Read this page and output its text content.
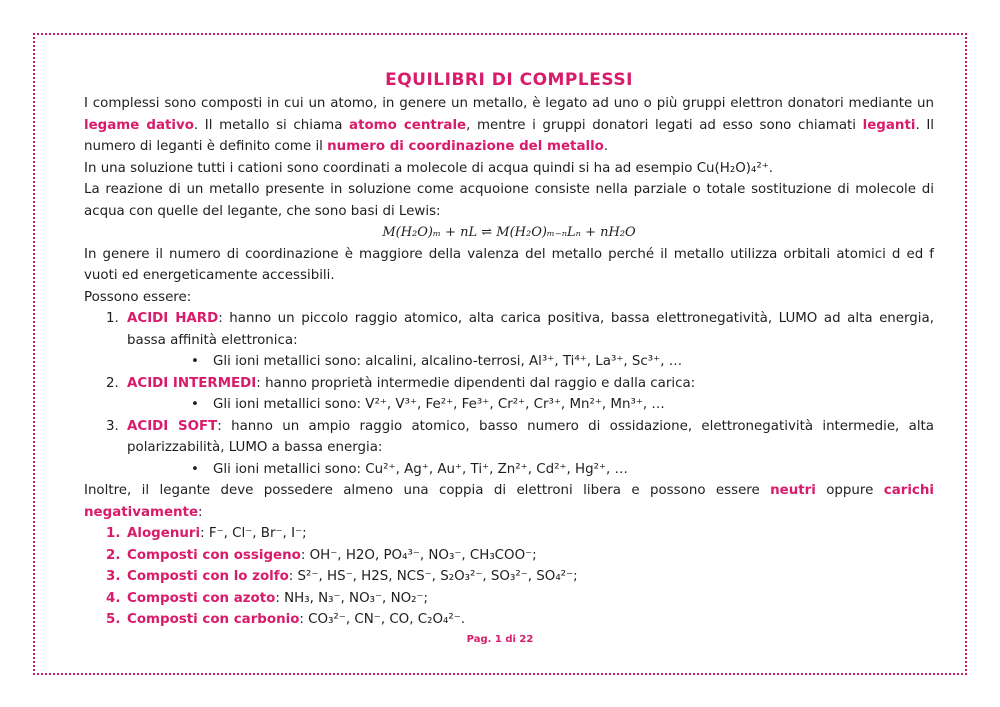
EQUILIBRI DI COMPLESSI

I complessi sono composti in cui un atomo, in genere un metallo, è legato ad uno o più gruppi elettron donatori mediante un legame dativo. Il metallo si chiama atomo centrale, mentre i gruppi donatori legati ad esso sono chiamati leganti. Il numero di leganti è definito come il numero di coordinazione del metallo.

In una soluzione tutti i cationi sono coordinati a molecole di acqua quindi si ha ad esempio Cu(H₂O)₄²⁺.

La reazione di un metallo presente in soluzione come acquoione consiste nella parziale o totale sostituzione di molecole di acqua con quelle del legante, che sono basi di Lewis:

M(H₂O)ₘ + nL ⇌ M(H₂O)ₘ₋ₙLₙ + nH₂O

In genere il numero di coordinazione è maggiore della valenza del metallo perché il metallo utilizza orbitali atomici d ed f vuoti ed energeticamente accessibili.

Possono essere:

1. ACIDI HARD: hanno un piccolo raggio atomico, alta carica positiva, bassa elettronegatività, LUMO ad alta energia, bassa affinità elettronica:
• Gli ioni metallici sono: alcalini, alcalino-terrosi, Al³⁺, Ti⁴⁺, La³⁺, Sc³⁺, …
2. ACIDI INTERMEDI: hanno proprietà intermedie dipendenti dal raggio e dalla carica:
• Gli ioni metallici sono: V²⁺, V³⁺, Fe²⁺, Fe³⁺, Cr²⁺, Cr³⁺, Mn²⁺, Mn³⁺, …
3. ACIDI SOFT: hanno un ampio raggio atomico, basso numero di ossidazione, elettronegatività intermedie, alta polarizzabilità, LUMO a bassa energia:
• Gli ioni metallici sono: Cu²⁺, Ag⁺, Au⁺, Ti⁺, Zn²⁺, Cd²⁺, Hg²⁺, …

Inoltre, il legante deve possedere almeno una coppia di elettroni libera e possono essere neutri oppure carichi negativamente:

1. Alogenuri: F⁻, Cl⁻, Br⁻, I⁻;
2. Composti con ossigeno: OH⁻, H2O, PO₄³⁻, NO₃⁻, CH₃COO⁻;
3. Composti con lo zolfo: S²⁻, HS⁻, H2S, NCS⁻, S₂O₃²⁻, SO₃²⁻, SO₄²⁻;
4. Composti con azoto: NH₃, N₃⁻, NO₃⁻, NO₂⁻;
5. Composti con carbonio: CO₃²⁻, CN⁻, CO, C₂O₄²⁻.
Pag. 1 di 22
